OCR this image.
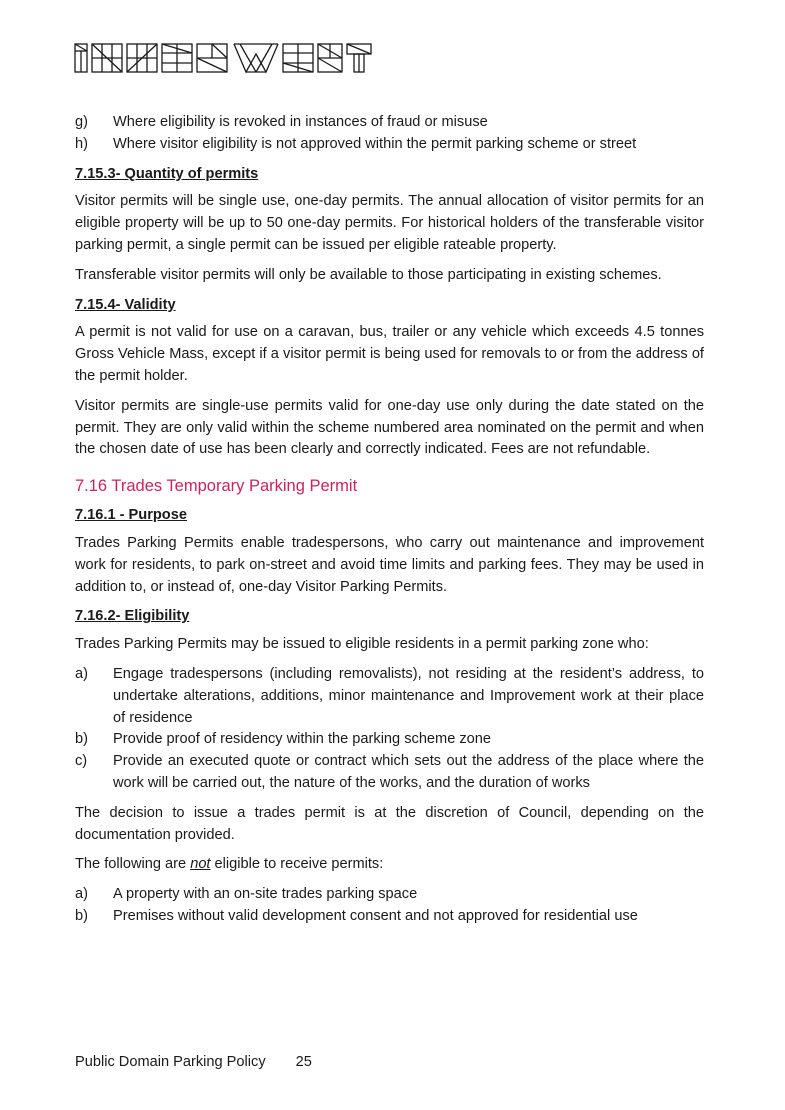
g)	Where eligibility is revoked in instances of fraud or misuse
h)	Where visitor eligibility is not approved within the permit parking scheme or street
7.15.3- Quantity of permits

Visitor permits will be single use, one-day permits. The annual allocation of visitor permits for an eligible property will be up to 50 one-day permits. For historical holders of the transferable visitor parking permit, a single permit can be issued per eligible rateable property.

Transferable visitor permits will only be available to those participating in existing schemes.

7.15.4- Validity

A permit is not valid for use on a caravan, bus, trailer or any vehicle which exceeds 4.5 tonnes Gross Vehicle Mass, except if a visitor permit is being used for removals to or from the address of the permit holder.

Visitor permits are single-use permits valid for one-day use only during the date stated on the permit. They are only valid within the scheme numbered area nominated on the permit and when the chosen date of use has been clearly and correctly indicated. Fees are not refundable.

7.16 Trades Temporary Parking Permit
7.16.1 - Purpose

Trades Parking Permits enable tradespersons, who carry out maintenance and improvement work for residents, to park on-street and avoid time limits and parking fees. They may be used in addition to, or instead of, one-day Visitor Parking Permits.

7.16.2- Eligibility

Trades Parking Permits may be issued to eligible residents in a permit parking zone who:

a)	Engage tradespersons (including removalists), not residing at the resident’s address, to undertake alterations, additions, minor maintenance and Improvement work at their place of residence
b)	Provide proof of residency within the parking scheme zone
c)	Provide an executed quote or contract which sets out the address of the place where the work will be carried out, the nature of the works, and the duration of works

The decision to issue a trades permit is at the discretion of Council, depending on the documentation provided.

The following are not eligible to receive permits:

a)	A property with an on-site trades parking space
b)	Premises without valid development consent and not approved for residential use
Public Domain Parking Policy 25
